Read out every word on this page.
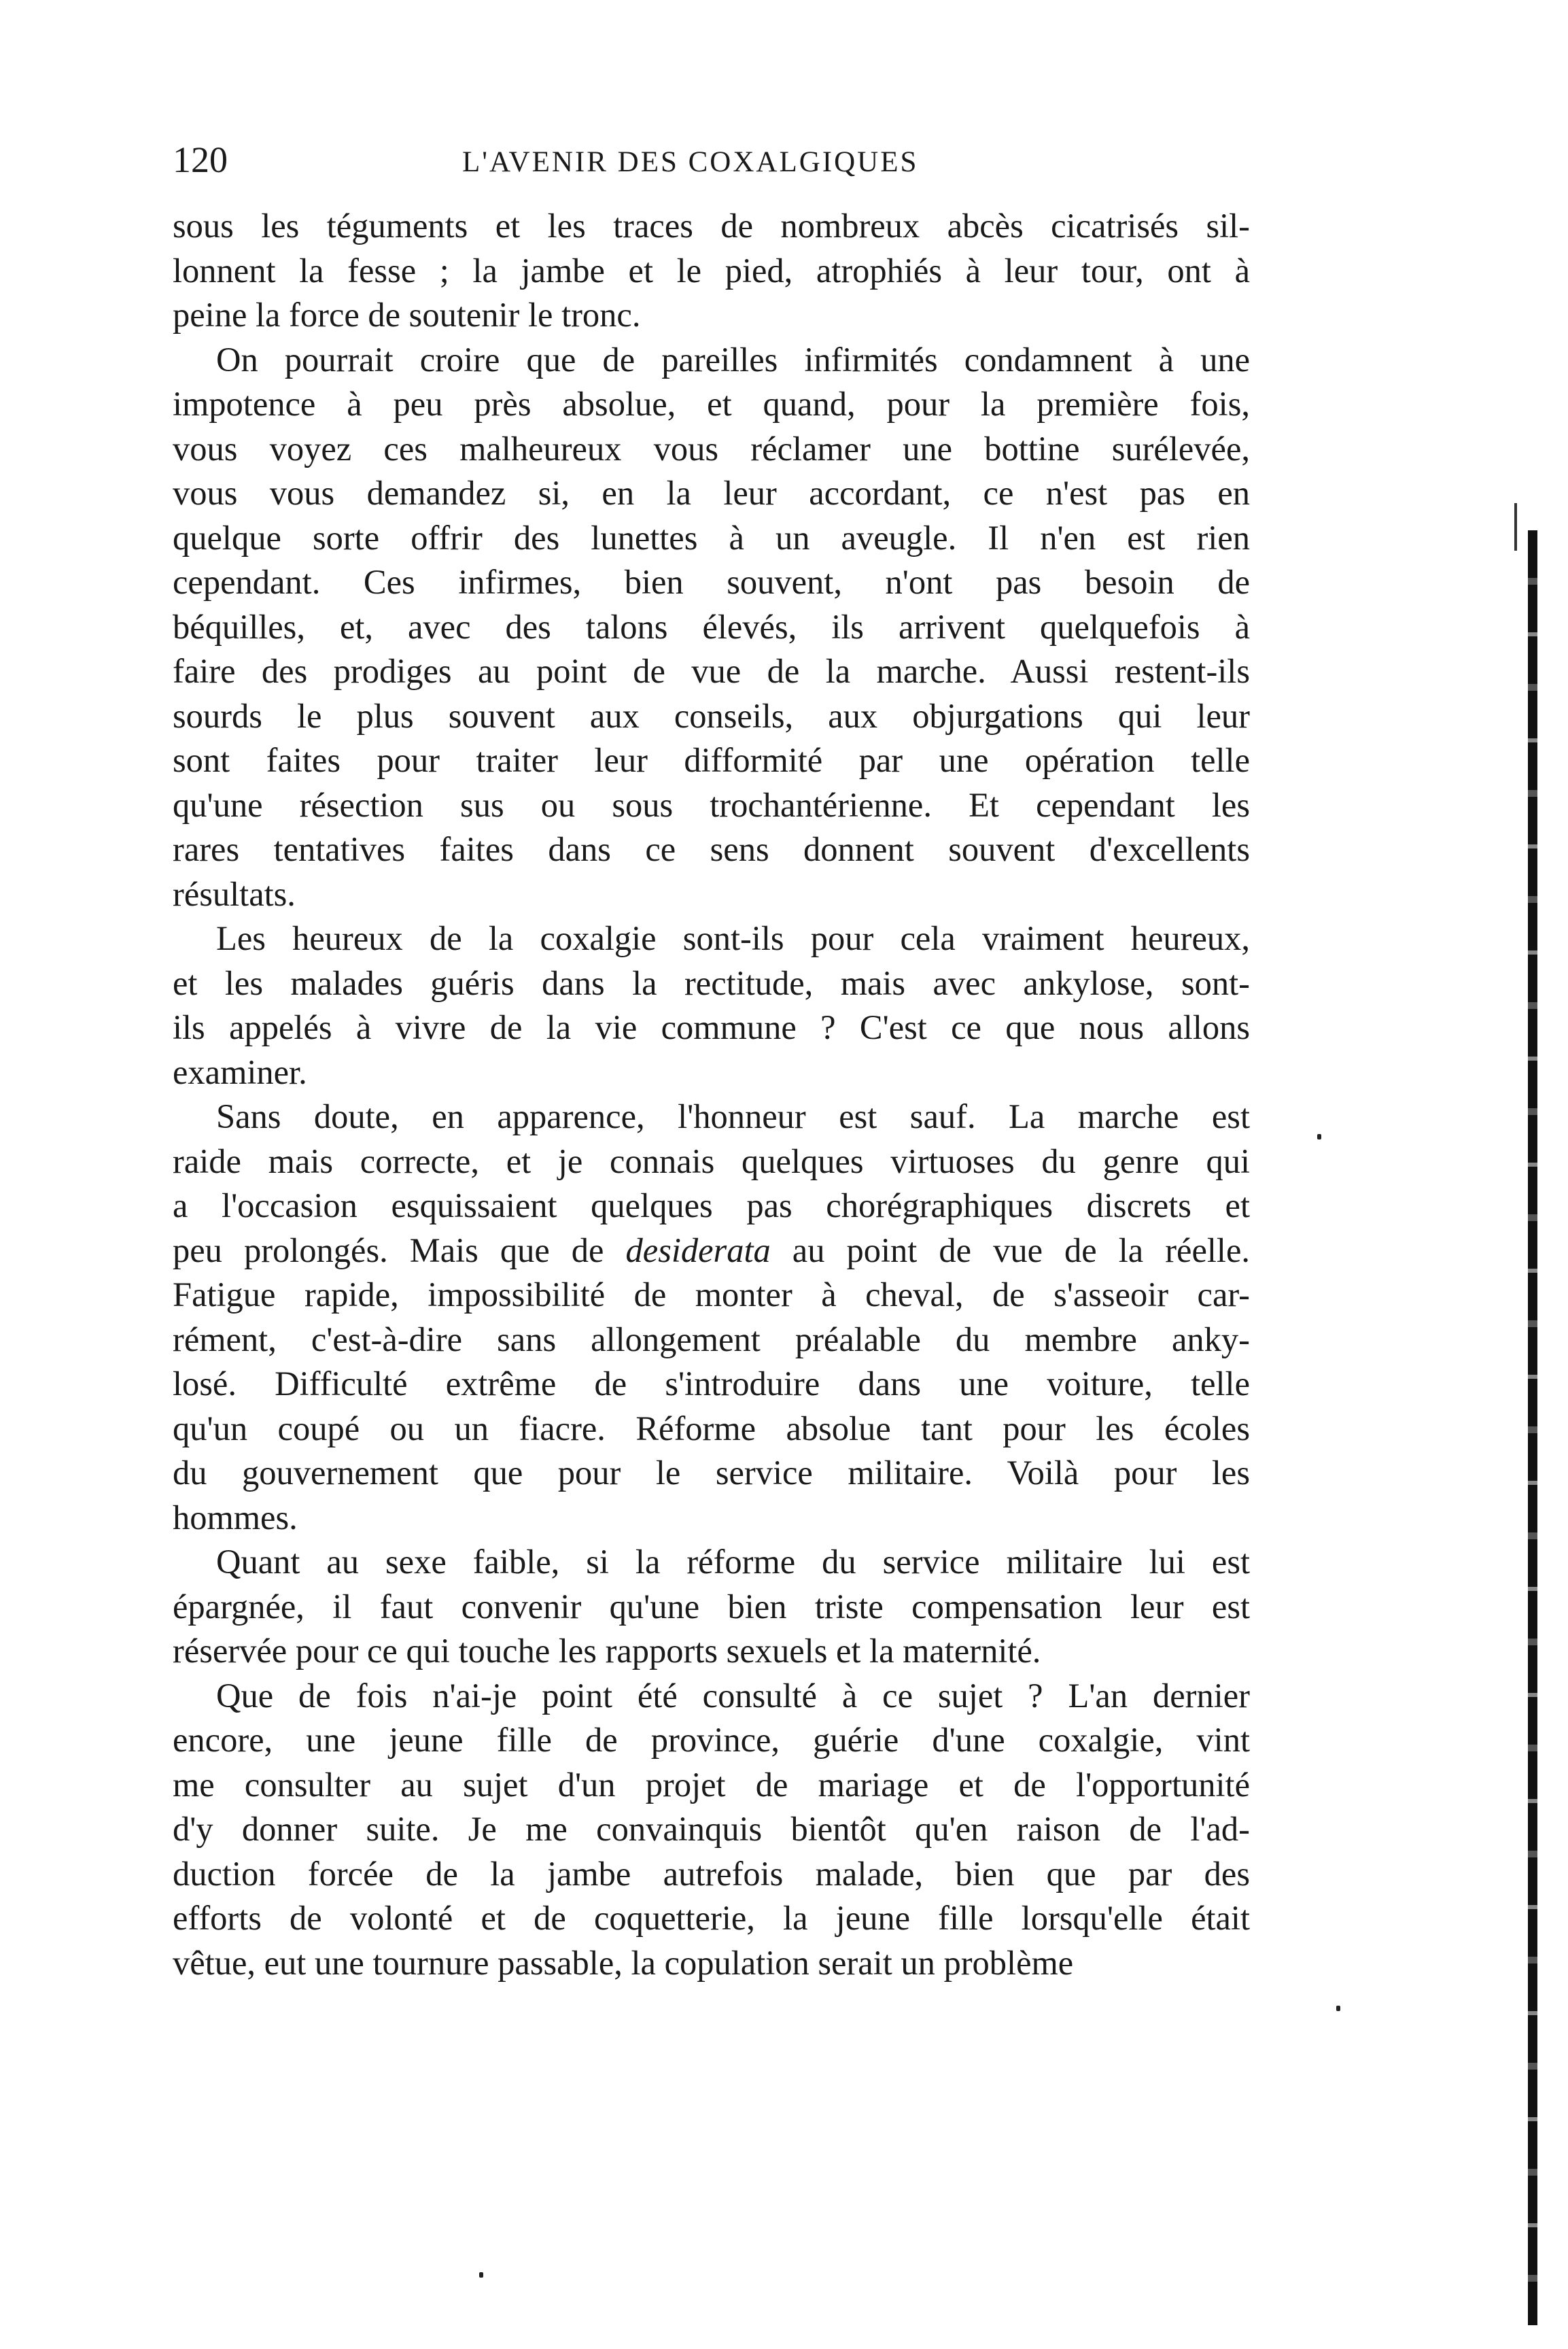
120	L'AVENIR DES COXALGIQUES
sous les téguments et les traces de nombreux abcès cicatrisés sil-
lonnent la fesse ; la jambe et le pied, atrophiés à leur tour, ont à
peine la force de soutenir le tronc.
On pourrait croire que de pareilles infirmités condamnent à une
impotence à peu près absolue, et quand, pour la première fois,
vous voyez ces malheureux vous réclamer une bottine surélevée,
vous vous demandez si, en la leur accordant, ce n'est pas en
quelque sorte offrir des lunettes à un aveugle. Il n'en est rien
cependant. Ces infirmes, bien souvent, n'ont pas besoin de
béquilles, et, avec des talons élevés, ils arrivent quelquefois à
faire des prodiges au point de vue de la marche. Aussi restent-ils
sourds le plus souvent aux conseils, aux objurgations qui leur
sont faites pour traiter leur difformité par une opération telle
qu'une résection sus ou sous trochantérienne. Et cependant les
rares tentatives faites dans ce sens donnent souvent d'excellents
résultats.
Les heureux de la coxalgie sont-ils pour cela vraiment heureux,
et les malades guéris dans la rectitude, mais avec ankylose, sont-
ils appelés à vivre de la vie commune ? C'est ce que nous allons
examiner.
Sans doute, en apparence, l'honneur est sauf. La marche est
raide mais correcte, et je connais quelques virtuoses du genre qui
a l'occasion esquissaient quelques pas chorégraphiques discrets et
peu prolongés. Mais que de desiderata au point de vue de la réelle.
Fatigue rapide, impossibilité de monter à cheval, de s'asseoir car-
rément, c'est-à-dire sans allongement préalable du membre anky-
losé. Difficulté extrême de s'introduire dans une voiture, telle
qu'un coupé ou un fiacre. Réforme absolue tant pour les écoles
du gouvernement que pour le service militaire. Voilà pour les
hommes.
Quant au sexe faible, si la réforme du service militaire lui est
épargnée, il faut convenir qu'une bien triste compensation leur est
réservée pour ce qui touche les rapports sexuels et la maternité.
Que de fois n'ai-je point été consulté à ce sujet ? L'an dernier
encore, une jeune fille de province, guérie d'une coxalgie, vint
me consulter au sujet d'un projet de mariage et de l'opportunité
d'y donner suite. Je me convainquis bientôt qu'en raison de l'ad-
duction forcée de la jambe autrefois malade, bien que par des
efforts de volonté et de coquetterie, la jeune fille lorsqu'elle était
vêtue, eut une tournure passable, la copulation serait un problème
